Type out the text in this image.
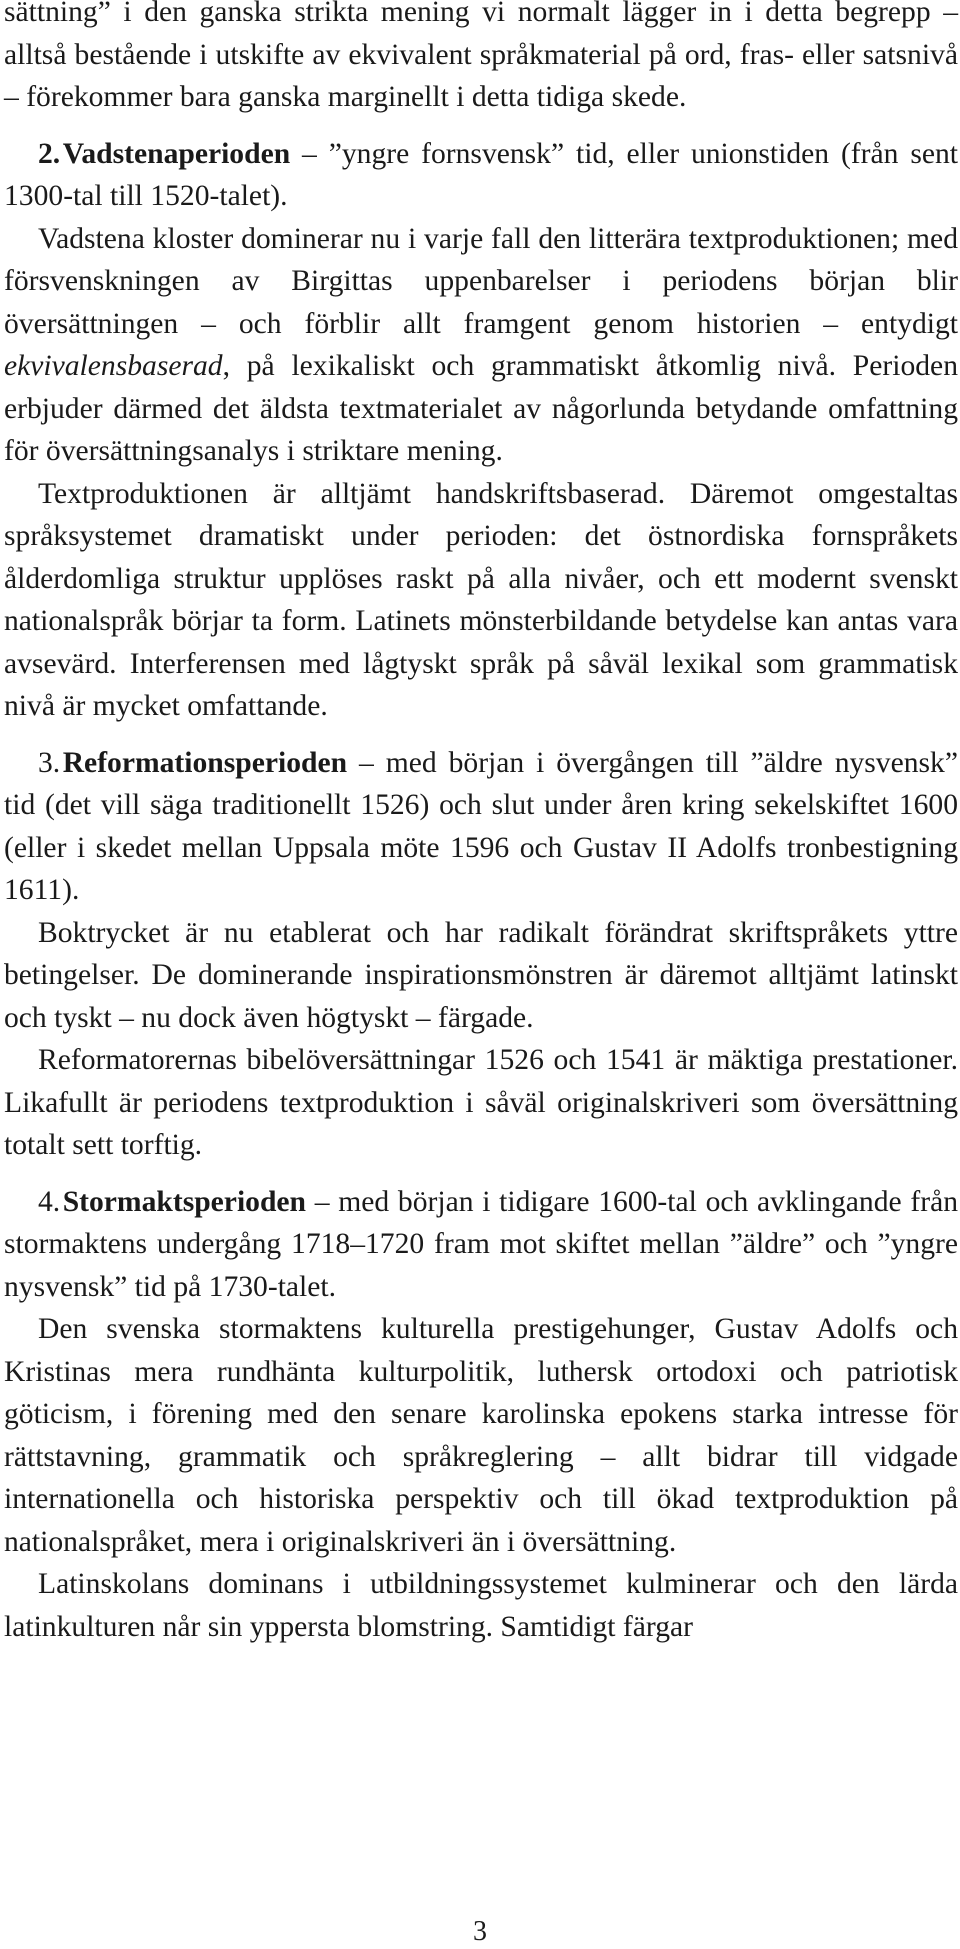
sättning” i den ganska strikta mening vi normalt lägger in i detta begrepp – alltså bestående i utskifte av ekvivalent språkmaterial på ord, fras- eller satsnivå – förekommer bara ganska marginellt i detta tidiga skede.

2. Vadstenaperioden – ”yngre fornsvensk” tid, eller unionstiden (från sent 1300-tal till 1520-talet).

Vadstena kloster dominerar nu i varje fall den litterära textproduktionen; med försvenskningen av Birgittas uppenbarelser i periodens början blir översättningen – och förblir allt framgent genom historien – entydigt ekvivalensbaserad, på lexikaliskt och grammatiskt åtkomlig nivå. Perioden erbjuder därmed det äldsta textmaterialet av någorlunda betydande omfattning för översättningsanalys i striktare mening.

Textproduktionen är alltjämt handskriftsbaserad. Däremot omgestaltas språksystemet dramatiskt under perioden: det östnordiska fornspråkets ålderdomliga struktur upplöses raskt på alla nivåer, och ett modernt svenskt nationalspråk börjar ta form. Latinets mönsterbildande betydelse kan antas vara avsevärd. Interferensen med lågtyskt språk på såväl lexikal som grammatisk nivå är mycket omfattande.

3. Reformationsperioden – med början i övergången till ”äldre nysvensk” tid (det vill säga traditionellt 1526) och slut under åren kring sekelskiftet 1600 (eller i skedet mellan Uppsala möte 1596 och Gustav II Adolfs tronbestigning 1611).

Boktrycket är nu etablerat och har radikalt förändrat skriftspråkets yttre betingelser. De dominerande inspirationsmönstren är däremot alltjämt latinskt och tyskt – nu dock även högtyskt – färgade.

Reformatorernas bibelöversättningar 1526 och 1541 är mäktiga prestationer. Likafullt är periodens textproduktion i såväl originalskriveri som översättning totalt sett torftig.

4. Stormaktsperioden – med början i tidigare 1600-tal och avklingande från stormaktens undergång 1718–1720 fram mot skiftet mellan ”äldre” och ”yngre nysvensk” tid på 1730-talet.

Den svenska stormaktens kulturella prestigehunger, Gustav Adolfs och Kristinas mera rundhänta kulturpolitik, luthersk ortodoxi och patriotisk göticism, i förening med den senare karolinska epokens starka intresse för rättstavning, grammatik och språkreglering – allt bidrar till vidgade internationella och historiska perspektiv och till ökad textproduktion på nationalspråket, mera i originalskriveri än i översättning.

Latinskolans dominans i utbildningssystemet kulminerar och den lärda latinkulturen når sin yppersta blomstring. Samtidigt färgar

3
